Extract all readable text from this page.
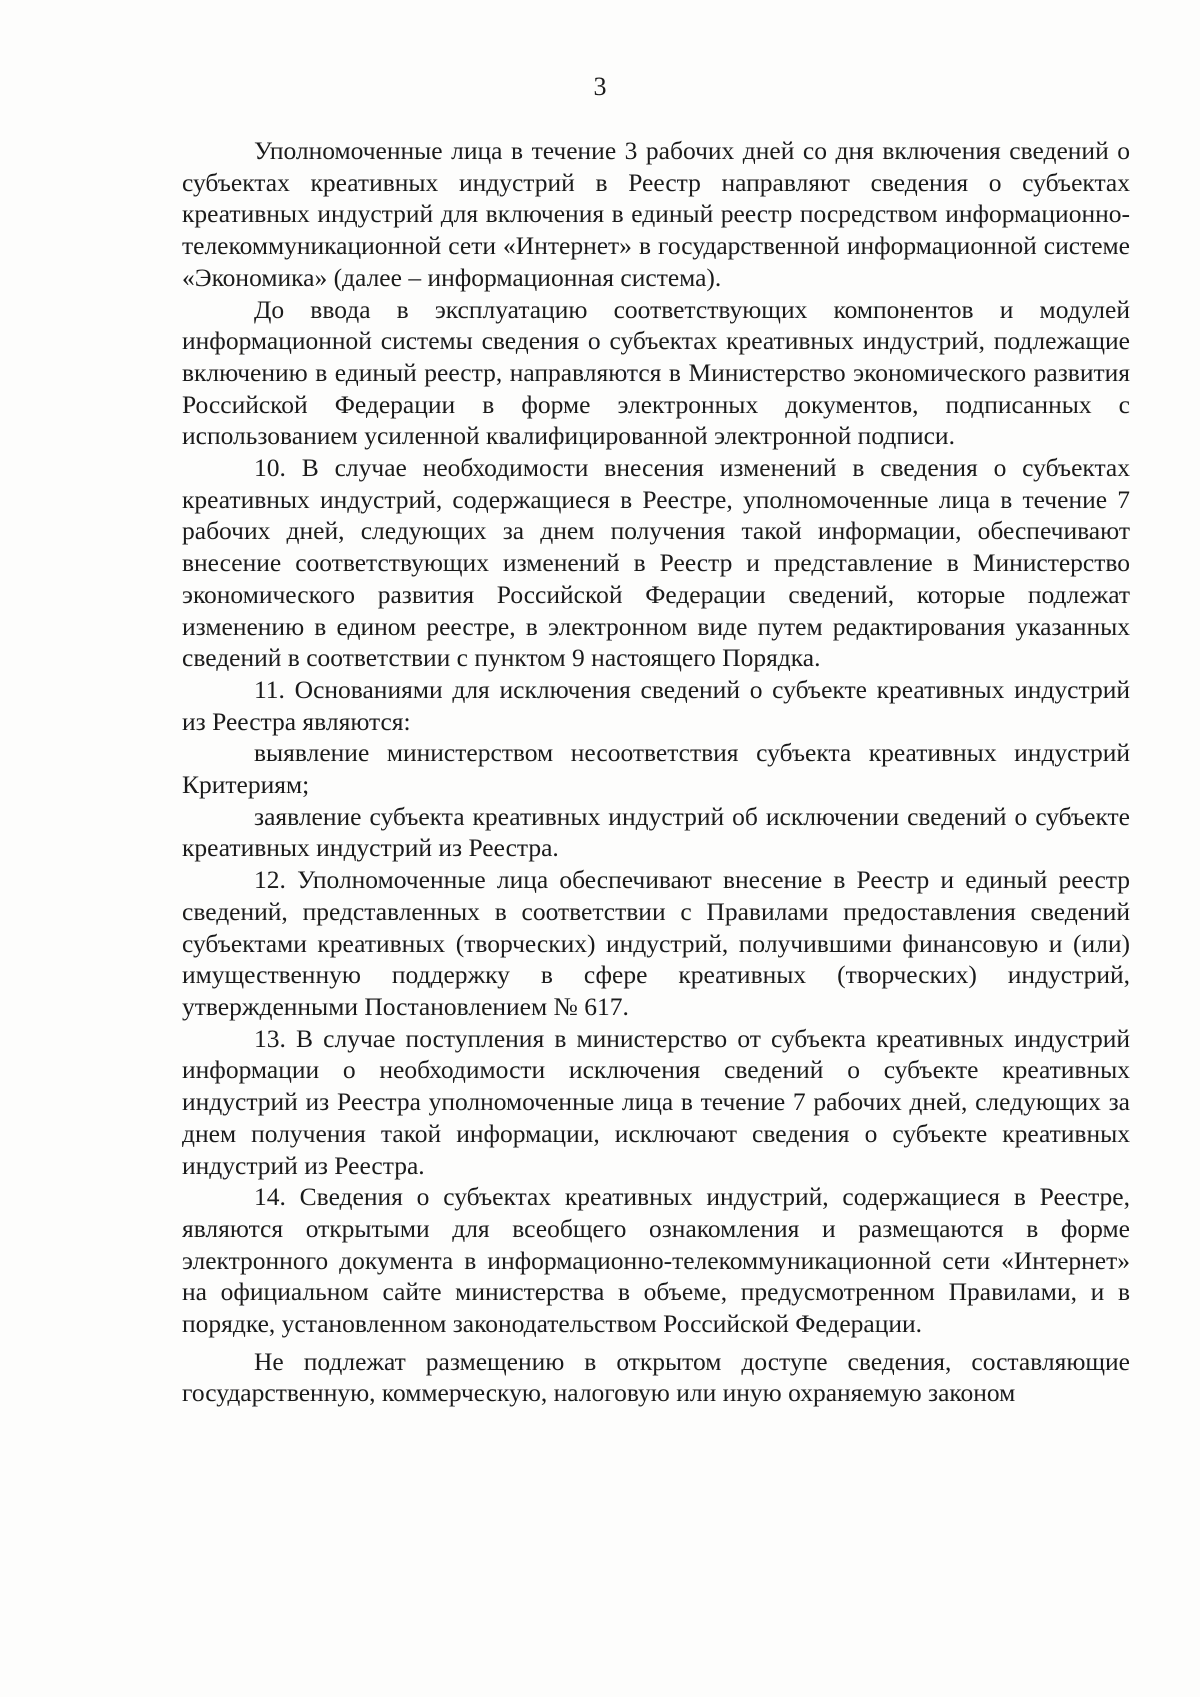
3

Уполномоченные лица в течение 3 рабочих дней со дня включения сведений о субъектах креативных индустрий в Реестр направляют сведения о субъектах креативных индустрий для включения в единый реестр посредством информационно-телекоммуникационной сети «Интернет» в государственной информационной системе «Экономика» (далее – информационная система).

До ввода в эксплуатацию соответствующих компонентов и модулей информационной системы сведения о субъектах креативных индустрий, подлежащие включению в единый реестр, направляются в Министерство экономического развития Российской Федерации в форме электронных документов, подписанных с использованием усиленной квалифицированной электронной подписи.

10. В случае необходимости внесения изменений в сведения о субъектах креативных индустрий, содержащиеся в Реестре, уполномоченные лица в течение 7 рабочих дней, следующих за днем получения такой информации, обеспечивают внесение соответствующих изменений в Реестр и представление в Министерство экономического развития Российской Федерации сведений, которые подлежат изменению в едином реестре, в электронном виде путем редактирования указанных сведений в соответствии с пунктом 9 настоящего Порядка.

11. Основаниями для исключения сведений о субъекте креативных индустрий из Реестра являются:

выявление министерством несоответствия субъекта креативных индустрий Критериям;

заявление субъекта креативных индустрий об исключении сведений о субъекте креативных индустрий из Реестра.

12. Уполномоченные лица обеспечивают внесение в Реестр и единый реестр сведений, представленных в соответствии с Правилами предоставления сведений субъектами креативных (творческих) индустрий, получившими финансовую и (или) имущественную поддержку в сфере креативных (творческих) индустрий, утвержденными Постановлением № 617.

13. В случае поступления в министерство от субъекта креативных индустрий информации о необходимости исключения сведений о субъекте креативных индустрий из Реестра уполномоченные лица в течение 7 рабочих дней, следующих за днем получения такой информации, исключают сведения о субъекте креативных индустрий из Реестра.

14. Сведения о субъектах креативных индустрий, содержащиеся в Реестре, являются открытыми для всеобщего ознакомления и размещаются в форме электронного документа в информационно-телекоммуникационной сети «Интернет» на официальном сайте министерства в объеме, предусмотренном Правилами, и в порядке, установленном законодательством Российской Федерации.

Не подлежат размещению в открытом доступе сведения, составляющие государственную, коммерческую, налоговую или иную охраняемую законом
